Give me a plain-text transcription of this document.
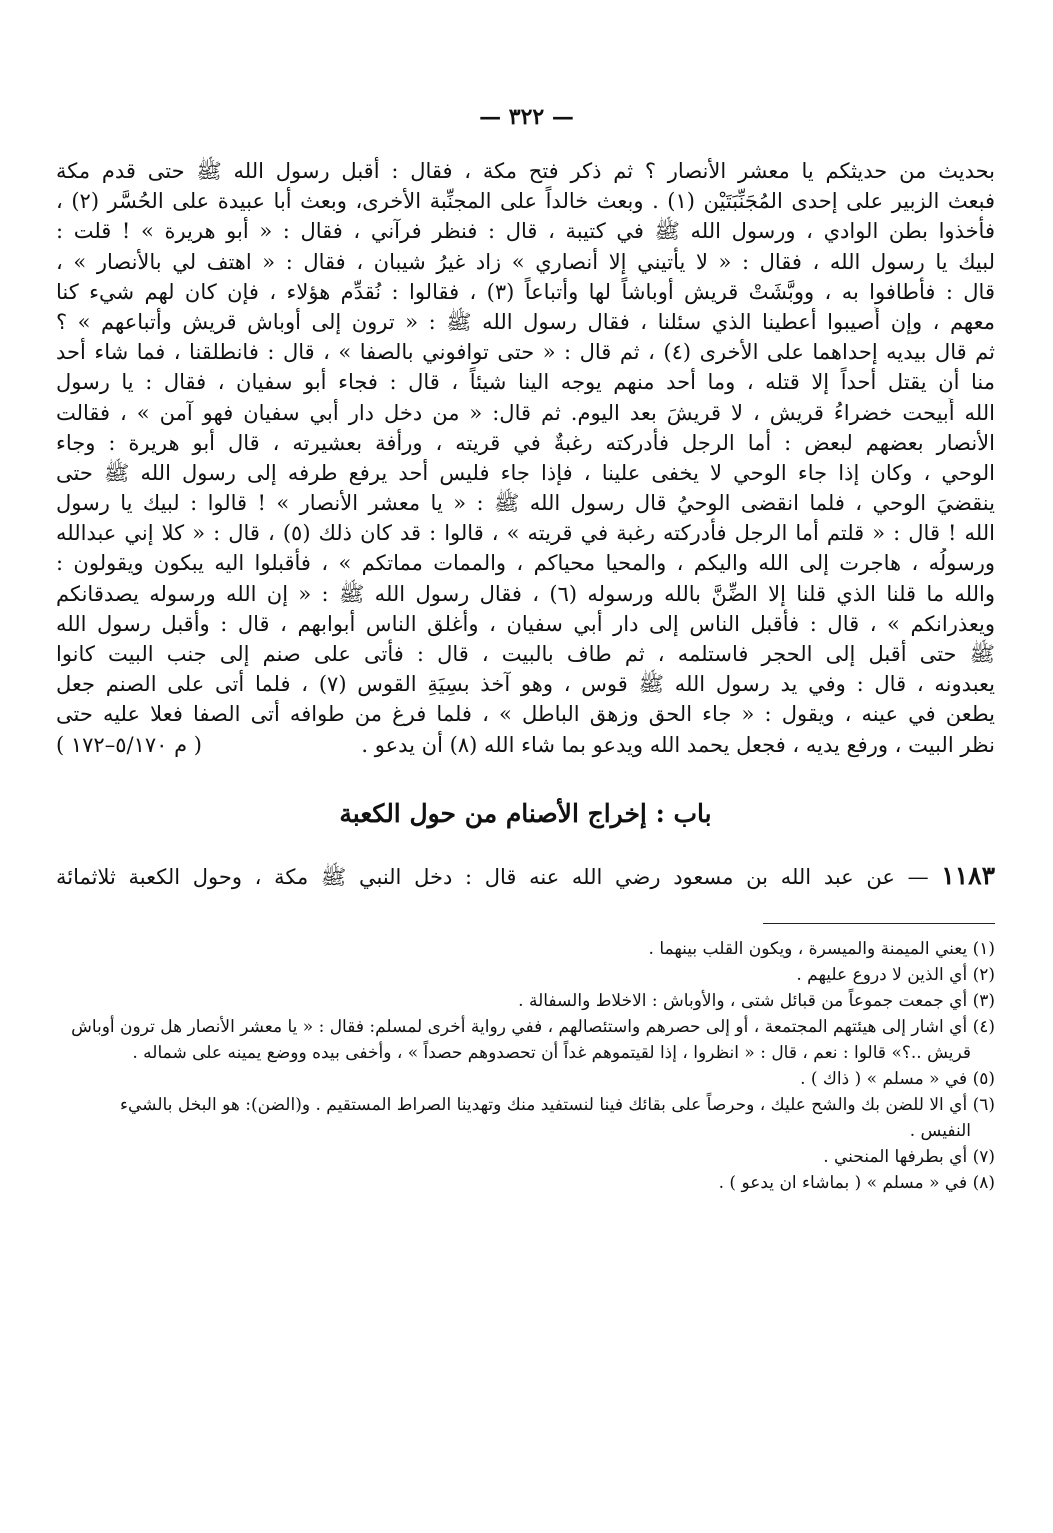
— ٣٢٢ —
بحديث من حديثكم يا معشر الأنصار ؟ ثم ذكر فتح مكة ، فقال : أقبل رسول الله ﷺ حتى قدم مكة
فبعث الزبير على إحدى المُجَنِّبَتَيْن (١) . وبعث خالداً على المجنِّبة الأخرى، وبعث أبا عبيدة على الحُسَّر (٢) ،
فأخذوا بطن الوادي ، ورسول الله ﷺ في كتيبة ، قال : فنظر فرآني ، فقال : « أبو هريرة » ! قلت :
لبيك يا رسول الله ، فقال : « لا يأتيني إلا أنصاري » زاد غيرُ شيبان ، فقال : « اهتف لي بالأنصار » ،
قال : فأطافوا به ، ووبَّشَتْ قريش أوباشاً لها وأتباعاً (٣) ، فقالوا : نُقدِّم هؤلاء ، فإن كان لهم شيء كنا
معهم ، وإن أُصيبوا أعطينا الذي سئلنا ، فقال رسول الله ﷺ : « ترون إلى أوباش قريش وأتباعهم » ؟
ثم قال بيديه إحداهما على الأخرى (٤) ، ثم قال : « حتى توافوني بالصفا » ، قال : فانطلقنا ، فما شاء أحد
منا أن يقتل أحداً إلا قتله ، وما أحد منهم يوجه الينا شيئاً ، قال : فجاء أبو سفيان ، فقال : يا رسول
الله أُبيحت خضراءُ قريش ، لا قريشَ بعد اليوم. ثم قال: « من دخل دار أبي سفيان فهو آمن » ، فقالت
الأنصار بعضهم لبعض : أما الرجل فأدركته رغبةٌ في قريته ، ورأفة بعشيرته ، قال أبو هريرة : وجاء
الوحي ، وكان إذا جاء الوحي لا يخفى علينا ، فإذا جاء فليس أحد يرفع طرفه إلى رسول الله ﷺ حتى
ينقضيَ الوحي ، فلما انقضى الوحيُ قال رسول الله ﷺ : « يا معشر الأنصار » ! قالوا : لبيك يا رسول
الله ! قال : « قلتم أما الرجل فأدركته رغبة في قريته » ، قالوا : قد كان ذلك (٥) ، قال : « كلا إني عبدالله
ورسولُه ، هاجرت إلى الله واليكم ، والمحيا محياكم ، والممات مماتكم » ، فأقبلوا اليه يبكون ويقولون :
والله ما قلنا الذي قلنا إلا الضِّنَّ بالله ورسوله (٦) ، فقال رسول الله ﷺ : « إن الله ورسوله يصدقانكم
ويعذرانكم » ، قال : فأقبل الناس إلى دار أبي سفيان ، وأغلق الناس أبوابهم ، قال : وأقبل رسول الله
ﷺ حتى أقبل إلى الحجر فاستلمه ، ثم طاف بالبيت ، قال : فأتى على صنم إلى جنب البيت كانوا
يعبدونه ، قال : وفي يد رسول الله ﷺ قوس ، وهو آخذ بسِيَةِ القوس (٧) ، فلما أتى على الصنم جعل
يطعن في عينه ، ويقول : « جاء الحق وزهق الباطل » ، فلما فرغ من طوافه أتى الصفا فعلا عليه حتى
نظر البيت ، ورفع يديه ، فجعل يحمد الله ويدعو بما شاء الله (٨) أن يدعو .
( م ٥/١٧٠–١٧٢ )
باب : إخراج الأصنام من حول الكعبة
١١٨٣ — عن عبد الله بن مسعود رضي الله عنه قال : دخل النبي ﷺ مكة ، وحول الكعبة ثلاثمائة
(١) يعني الميمنة والميسرة ، ويكون القلب بينهما .
(٢) أي الذين لا دروع عليهم .
(٣) أي جمعت جموعاً من قبائل شتى ، والأوباش : الاخلاط والسفالة .
(٤) أي اشار إلى هيئتهم المجتمعة ، أو إلى حصرهم واستئصالهم ، ففي رواية أخرى لمسلم: فقال : « يا معشر الأنصار هل ترون أوباش
قريش ..؟» قالوا : نعم ، قال : « انظروا ، إذا لقيتموهم غداً أن تحصدوهم حصداً » ، وأخفى بيده ووضع يمينه على شماله .
(٥) في « مسلم » ( ذاك ) .
(٦) أي الا للضن بك والشح عليك ، وحرصاً على بقائك فينا لنستفيد منك وتهدينا الصراط المستقيم . و(الضن): هو البخل بالشيء
النفيس .
(٧) أي بطرفها المنحني .
(٨) في « مسلم » ( بماشاء ان يدعو ) .
